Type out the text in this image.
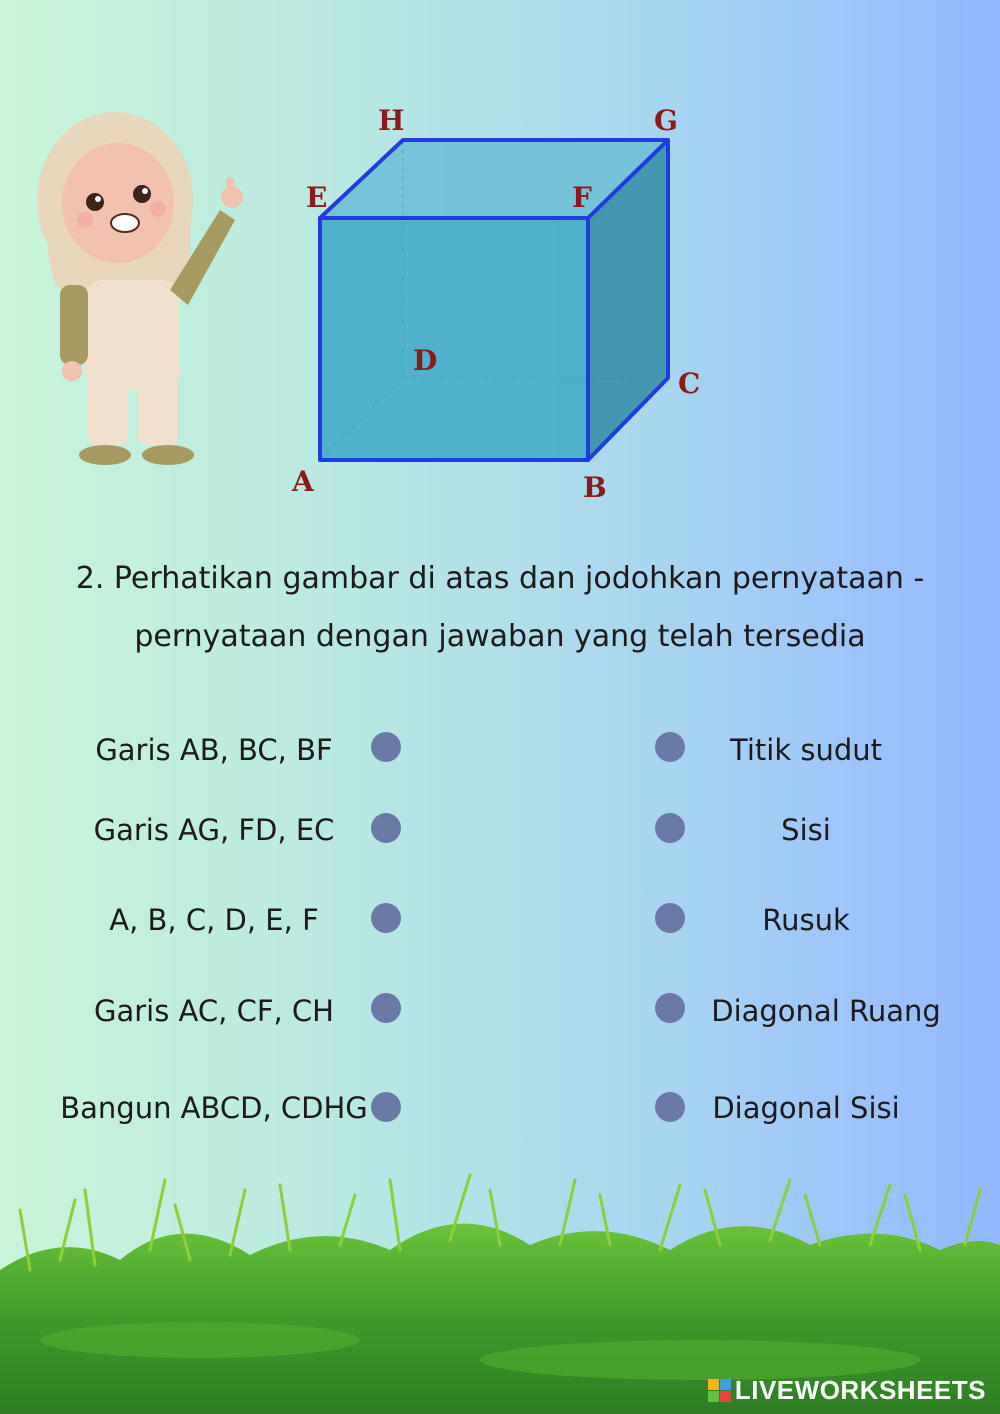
H	G
E	F
D
C
A	B
2. Perhatikan gambar di atas dan jodohkan pernyataan -
pernyataan dengan jawaban yang telah tersedia
Garis AB, BC, BF
Garis AG, FD, EC
A, B, C, D, E, F
Garis AC, CF, CH
Bangun ABCD, CDHG
Titik sudut
Sisi
Rusuk
Diagonal Ruang
Diagonal Sisi
LIVEWORKSHEETS
